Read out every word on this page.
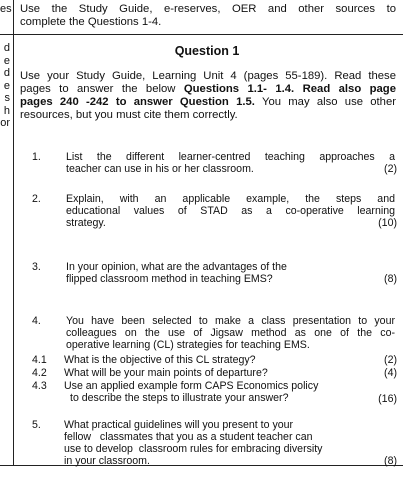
es
d
e
d
e
s
h
or
Use the Study Guide, e-reserves, OER and other sources to
complete the Questions 1-4.
Question 1
Use your Study Guide, Learning Unit 4 (pages 55-189). Read these
pages to answer the below Questions 1.1- 1.4. Read also page
pages 240 -242 to answer Question 1.5. You may also use other
resources, but you must cite them correctly.
1. List the different learner-centred teaching approaches a
teacher can use in his or her classroom.	(2)
2. Explain, with an applicable example, the steps and
educational values of STAD as a co-operative learning
strategy.	(10)
3. In your opinion, what are the advantages of the
flipped classroom method in teaching EMS?	(8)
4. You have been selected to make a class presentation to your
colleagues on the use of Jigsaw method as one of the co-
operative learning (CL) strategies for teaching EMS.
4.1 What is the objective of this CL strategy?	(2)
4.2 What will be your main points of departure?	(4)
4.3 Use an applied example form CAPS Economics policy
to describe the steps to illustrate your answer?	(16)
5. What practical guidelines will you present to your
fellow   classmates that you as a student teacher can
use to develop  classroom rules for embracing diversity
in your classroom.	(8)
